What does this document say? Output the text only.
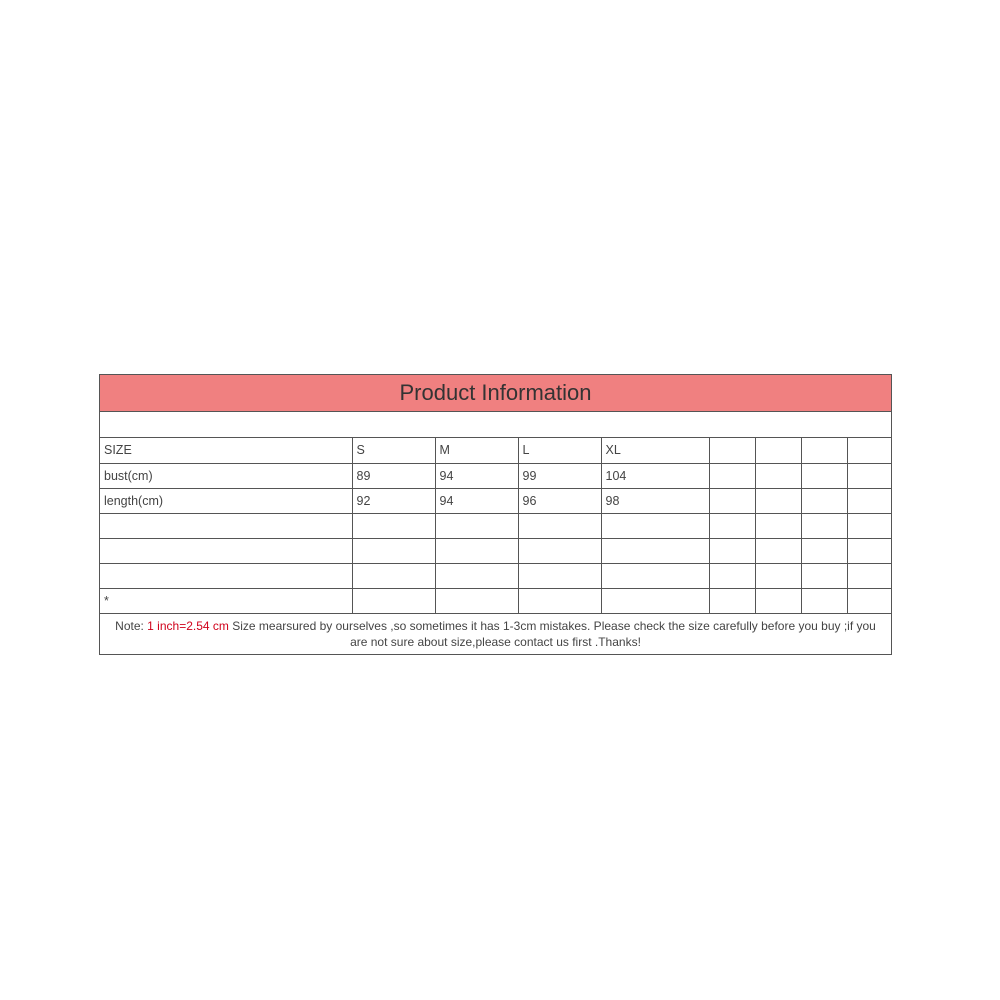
Product Information
SIZE	S	M	L	XL				
bust(cm)	89	94	99	104				
length(cm)	92	94	96	98				

*								
Note: 1 inch=2.54 cm Size mearsured by ourselves ,so sometimes it has 1-3cm mistakes. Please check the size carefully before you buy ;if you are not sure about size,please contact us first .Thanks!
